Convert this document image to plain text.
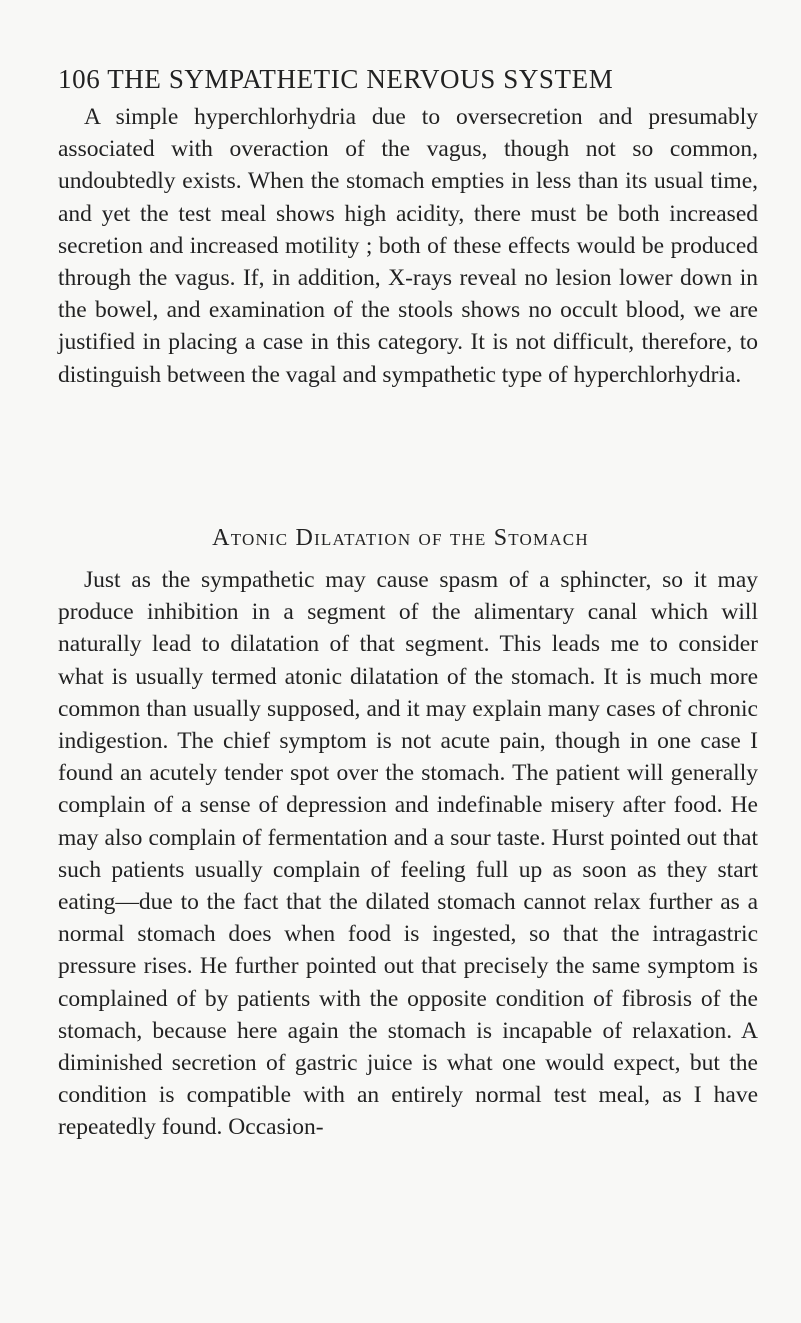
106 THE SYMPATHETIC NERVOUS SYSTEM

A simple hyperchlorhydria due to oversecretion and presumably associated with overaction of the vagus, though not so common, undoubtedly exists. When the stomach empties in less than its usual time, and yet the test meal shows high acidity, there must be both increased secretion and increased motility ; both of these effects would be produced through the vagus. If, in addition, X-rays reveal no lesion lower down in the bowel, and examination of the stools shows no occult blood, we are justified in placing a case in this category. It is not difficult, therefore, to distinguish between the vagal and sympathetic type of hyperchlorhydria.

Atonic Dilatation of the Stomach

Just as the sympathetic may cause spasm of a sphincter, so it may produce inhibition in a segment of the alimentary canal which will naturally lead to dilatation of that segment. This leads me to consider what is usually termed atonic dilatation of the stomach. It is much more common than usually supposed, and it may explain many cases of chronic indigestion. The chief symptom is not acute pain, though in one case I found an acutely tender spot over the stomach. The patient will generally complain of a sense of depression and indefinable misery after food. He may also complain of fermentation and a sour taste. Hurst pointed out that such patients usually complain of feeling full up as soon as they start eating—due to the fact that the dilated stomach cannot relax further as a normal stomach does when food is ingested, so that the intragastric pressure rises. He further pointed out that precisely the same symptom is complained of by patients with the opposite condition of fibrosis of the stomach, because here again the stomach is incapable of relaxation. A diminished secretion of gastric juice is what one would expect, but the condition is compatible with an entirely normal test meal, as I have repeatedly found. Occasion-
